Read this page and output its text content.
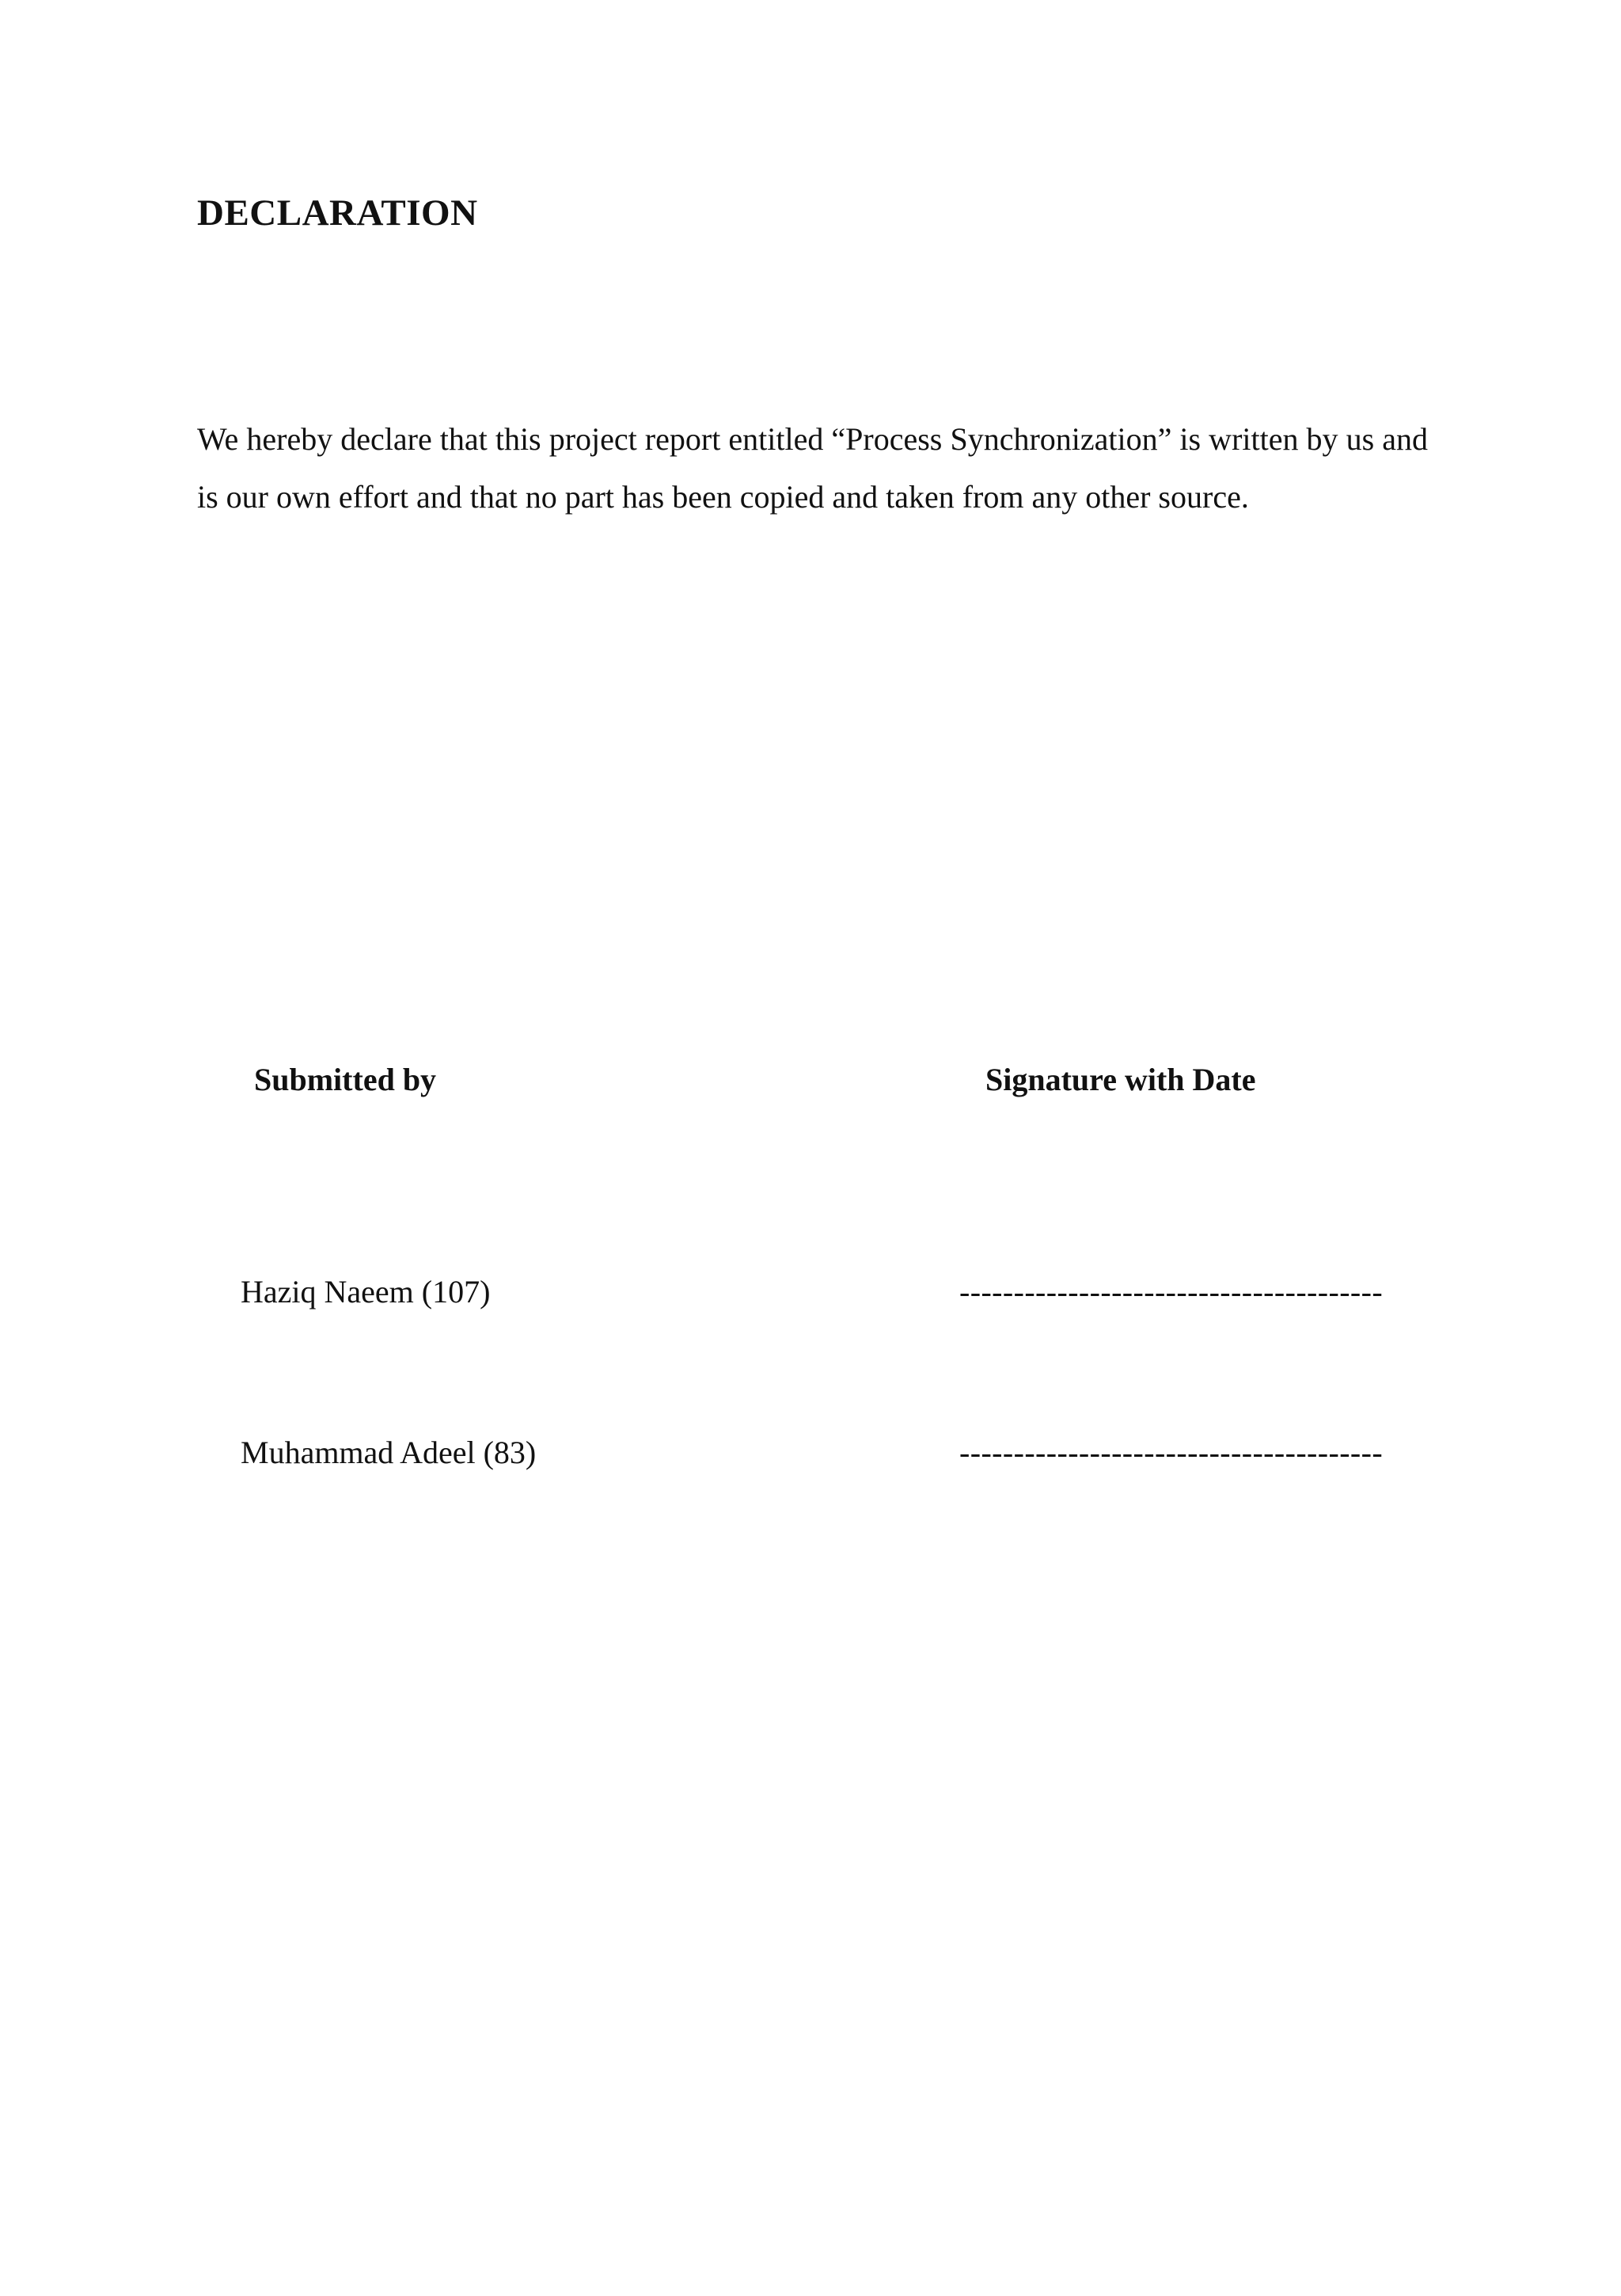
DECLARATION

We hereby declare that this project report entitled “Process Synchronization” is written by us and is our own effort and that no part has been copied and taken from any other source.

Submitted by	Signature with Date
Haziq Naeem (107)	---------------------------------------
Muhammad Adeel (83)	---------------------------------------
